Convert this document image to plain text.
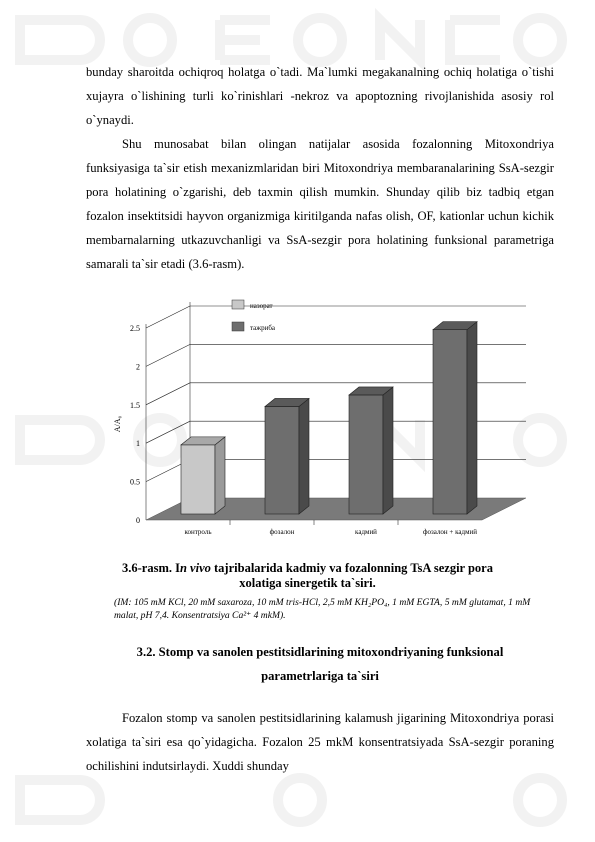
bunday sharoitda ochiqroq holatga o`tadi. Ma`lumki megakanalning ochiq holatiga o`tishi xujayra o`lishining turli ko`rinishlari -nekroz va apoptozning rivojlanishida asosiy rol o`ynaydi.

Shu munosabat bilan olingan natijalar asosida fozalonning Mitoxondriya funksiyasiga ta`sir etish mexanizmlaridan biri Mitoxondriya membaranalarining SsA-sezgir pora holatining o`zgarishi, deb taxmin qilish mumkin. Shunday qilib biz tadbiq etgan fozalon insektitsidi hayvon organizmiga kiritilganda nafas olish, OF, kationlar uchun kichik membarnalarning utkazuvchanligi va SsA-sezgir pora holatining funksional parametriga samarali ta`sir etadi (3.6-rasm).

0
0.5
1
1.5
2
2.5
A/A₀
контроль	фозалон	кадмий	фозалон + кадмий
назорат
тажриба
3.6-rasm. In vivo tajribalarida kadmiy va fozalonning TsA sezgir pora xolatiga sinergetik ta`siri.
(IM: 105 mM KCl, 20 mM saxaroza, 10 mM tris-HCl, 2,5 mM KH₂PO₄, 1 mM EGTA, 5 mM glutamat, 1 mM malat, pH 7,4. Konsentratsiya Ca²⁺ 4 mkM).
3.2. Stomp va sanolen pestitsidlarining mitoxondriyaning funksional parametrlariga ta`siri

Fozalon stomp va sanolen pestitsidlarining kalamush jigarining Mitoxondriya porasi xolatiga ta`siri esa qo`yidagicha. Fozalon 25 mkM konsentratsiyada SsA-sezgir poraning ochilishini indutsirlaydi. Xuddi shunday
